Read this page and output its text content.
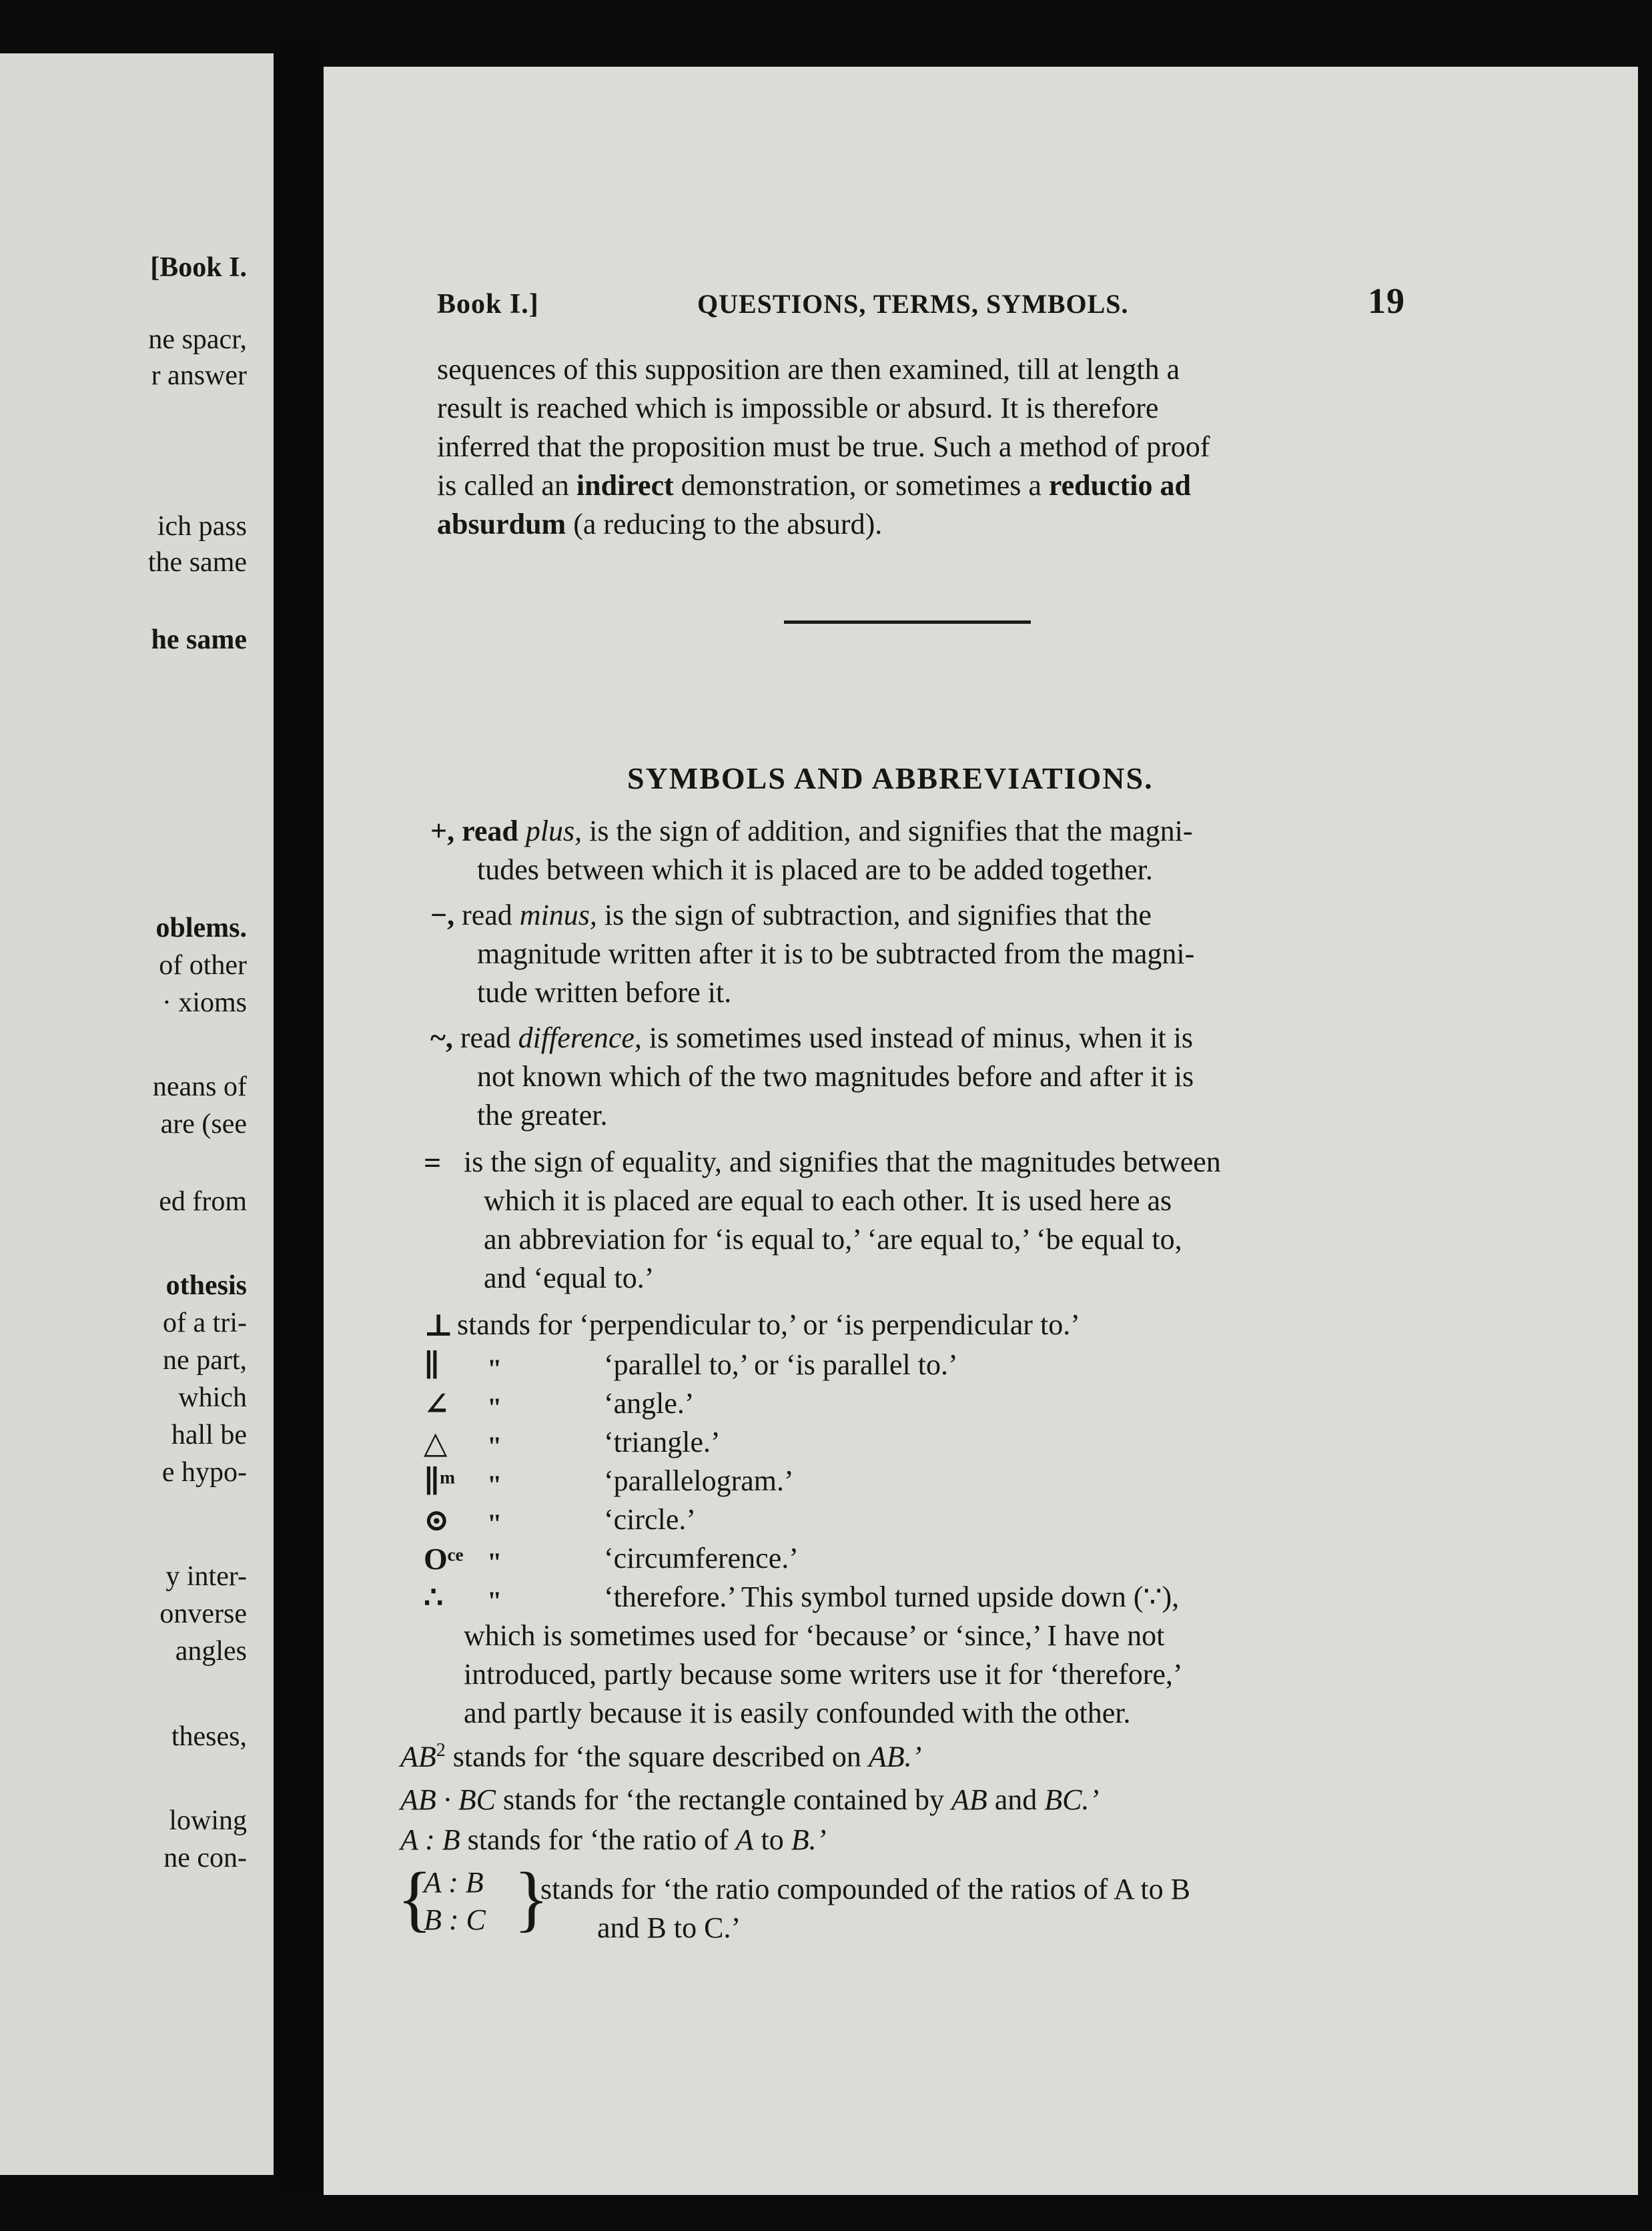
[Book I.
ne spacr,
r answer
ich pass
the same
he same
oblems.
of other
· xioms
neans of
are (see
ed from
othesis
of a tri-
ne part,
which
hall be
e hypo-
y inter-
onverse
angles
theses,
lowing
ne con-
Book I.]	QUESTIONS, TERMS, SYMBOLS.	19
sequences of this supposition are then examined, till at length a
result is reached which is impossible or absurd. It is therefore
inferred that the proposition must be true. Such a method of proof
is called an indirect demonstration, or sometimes a reductio ad
absurdum (a reducing to the absurd).
SYMBOLS AND ABBREVIATIONS.
+, read plus, is the sign of addition, and signifies that the magni-
tudes between which it is placed are to be added together.
−, read minus, is the sign of subtraction, and signifies that the
magnitude written after it is to be subtracted from the magni-
tude written before it.
~, read difference, is sometimes used instead of minus, when it is
not known which of the two magnitudes before and after it is
the greater.
= is the sign of equality, and signifies that the magnitudes between
which it is placed are equal to each other. It is used here as
an abbreviation for ‘is equal to,’ ‘are equal to,’ ‘be equal to,
and ‘equal to.’
⊥ stands for ‘perpendicular to,’ or ‘is perpendicular to.’
∥ "	‘parallel to,’ or ‘is parallel to.’
∠ "	‘angle.’
△ "	‘triangle.’
∥ᵐ "	‘parallelogram.’
⊙ "	‘circle.’
Oᶜᵉ "	‘circumference.’
∴ "	‘therefore.’ This symbol turned upside down (∵),
which is sometimes used for ‘because’ or ‘since,’ I have not
introduced, partly because some writers use it for ‘therefore,’
and partly because it is easily confounded with the other.
$AB^2$ stands for ‘the square described on AB.’
AB · BC stands for ‘the rectangle contained by AB and BC.’
A : B stands for ‘the ratio of A to B.’
{
A : B
B : C }
stands for ‘the ratio compounded of the ratios of A to B
and B to C.’
